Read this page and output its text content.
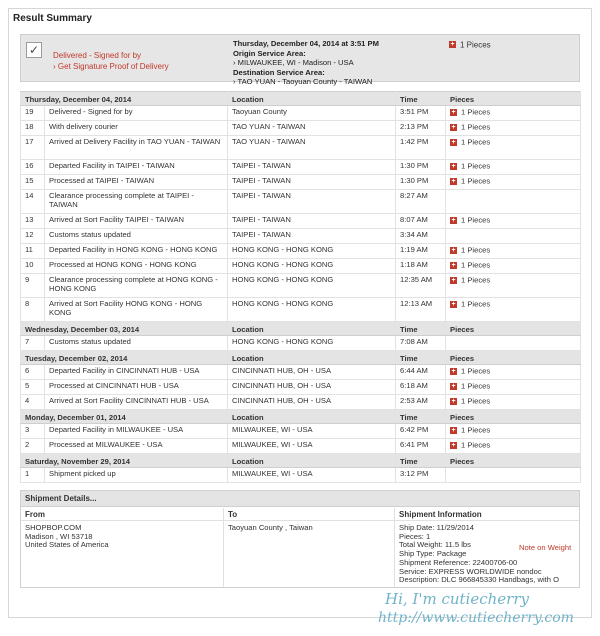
Result Summary
✓	Delivered - Signed for by
› Get Signature Proof of Delivery
Thursday, December 04, 2014 at 3:51 PM
Origin Service Area:
› MILWAUKEE, WI - Madison - USA
Destination Service Area:
› TAO YUAN - Taoyuan County - TAIWAN
+ 1 Pieces
Thursday, December 04, 2014		Location	Time	Pieces
19	Delivered - Signed for by	Taoyuan County	3:51 PM	+ 1 Pieces
18	With delivery courier	TAO YUAN - TAIWAN	2:13 PM	+ 1 Pieces
17	Arrived at Delivery Facility in TAO YUAN - TAIWAN	TAO YUAN - TAIWAN	1:42 PM	+ 1 Pieces
16	Departed Facility in TAIPEI - TAIWAN	TAIPEI - TAIWAN	1:30 PM	+ 1 Pieces
15	Processed at TAIPEI - TAIWAN	TAIPEI - TAIWAN	1:30 PM	+ 1 Pieces
14	Clearance processing complete at TAIPEI - TAIWAN	TAIPEI - TAIWAN	8:27 AM	
13	Arrived at Sort Facility TAIPEI - TAIWAN	TAIPEI - TAIWAN	8:07 AM	+ 1 Pieces
12	Customs status updated	TAIPEI - TAIWAN	3:34 AM	
11	Departed Facility in HONG KONG - HONG KONG	HONG KONG - HONG KONG	1:19 AM	+ 1 Pieces
10	Processed at HONG KONG - HONG KONG	HONG KONG - HONG KONG	1:18 AM	+ 1 Pieces
9	Clearance processing complete at HONG KONG - HONG KONG	HONG KONG - HONG KONG	12:35 AM	+ 1 Pieces
8	Arrived at Sort Facility HONG KONG - HONG KONG	HONG KONG - HONG KONG	12:13 AM	+ 1 Pieces
Wednesday, December 03, 2014		Location	Time	Pieces
7	Customs status updated	HONG KONG - HONG KONG	7:08 AM	
Tuesday, December 02, 2014		Location	Time	Pieces
6	Departed Facility in CINCINNATI HUB - USA	CINCINNATI HUB, OH - USA	6:44 AM	+ 1 Pieces
5	Processed at CINCINNATI HUB - USA	CINCINNATI HUB, OH - USA	6:18 AM	+ 1 Pieces
4	Arrived at Sort Facility CINCINNATI HUB - USA	CINCINNATI HUB, OH - USA	2:53 AM	+ 1 Pieces
Monday, December 01, 2014		Location	Time	Pieces
3	Departed Facility in MILWAUKEE - USA	MILWAUKEE, WI - USA	6:42 PM	+ 1 Pieces
2	Processed at MILWAUKEE - USA	MILWAUKEE, WI - USA	6:41 PM	+ 1 Pieces
Saturday, November 29, 2014		Location	Time	Pieces
1	Shipment picked up	MILWAUKEE, WI - USA	3:12 PM	
Shipment Details...
From	To	Shipment Information
SHOPBOP.COM
Madison , WI 53718
United States of America
Taoyuan County , Taiwan	Ship Date: 11/29/2014
Pieces: 1
Total Weight: 11.5 lbs
Ship Type: Package
Shipment Reference: 22400706-00
Service: EXPRESS WORLDWIDE nondoc
Description: DLC 966845330 Handbags, with O
Note on Weight
Hi, I'm cutiecherry
http://www.cutiecherry.com
